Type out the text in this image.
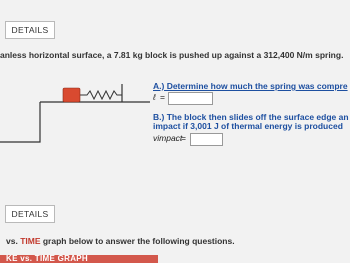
DETAILS
anless horizontal surface, a 7.81 kg block is pushed up against a 312,400 N/m spring.
A.) Determine how much the spring was compre
ℓ =
B.) The block then slides off the surface edge an
impact if 3,001 J of thermal energy is produced
vimpact
=
DETAILS
vs. TIME graph below to answer the following questions.
KE vs. TIME GRAPH
